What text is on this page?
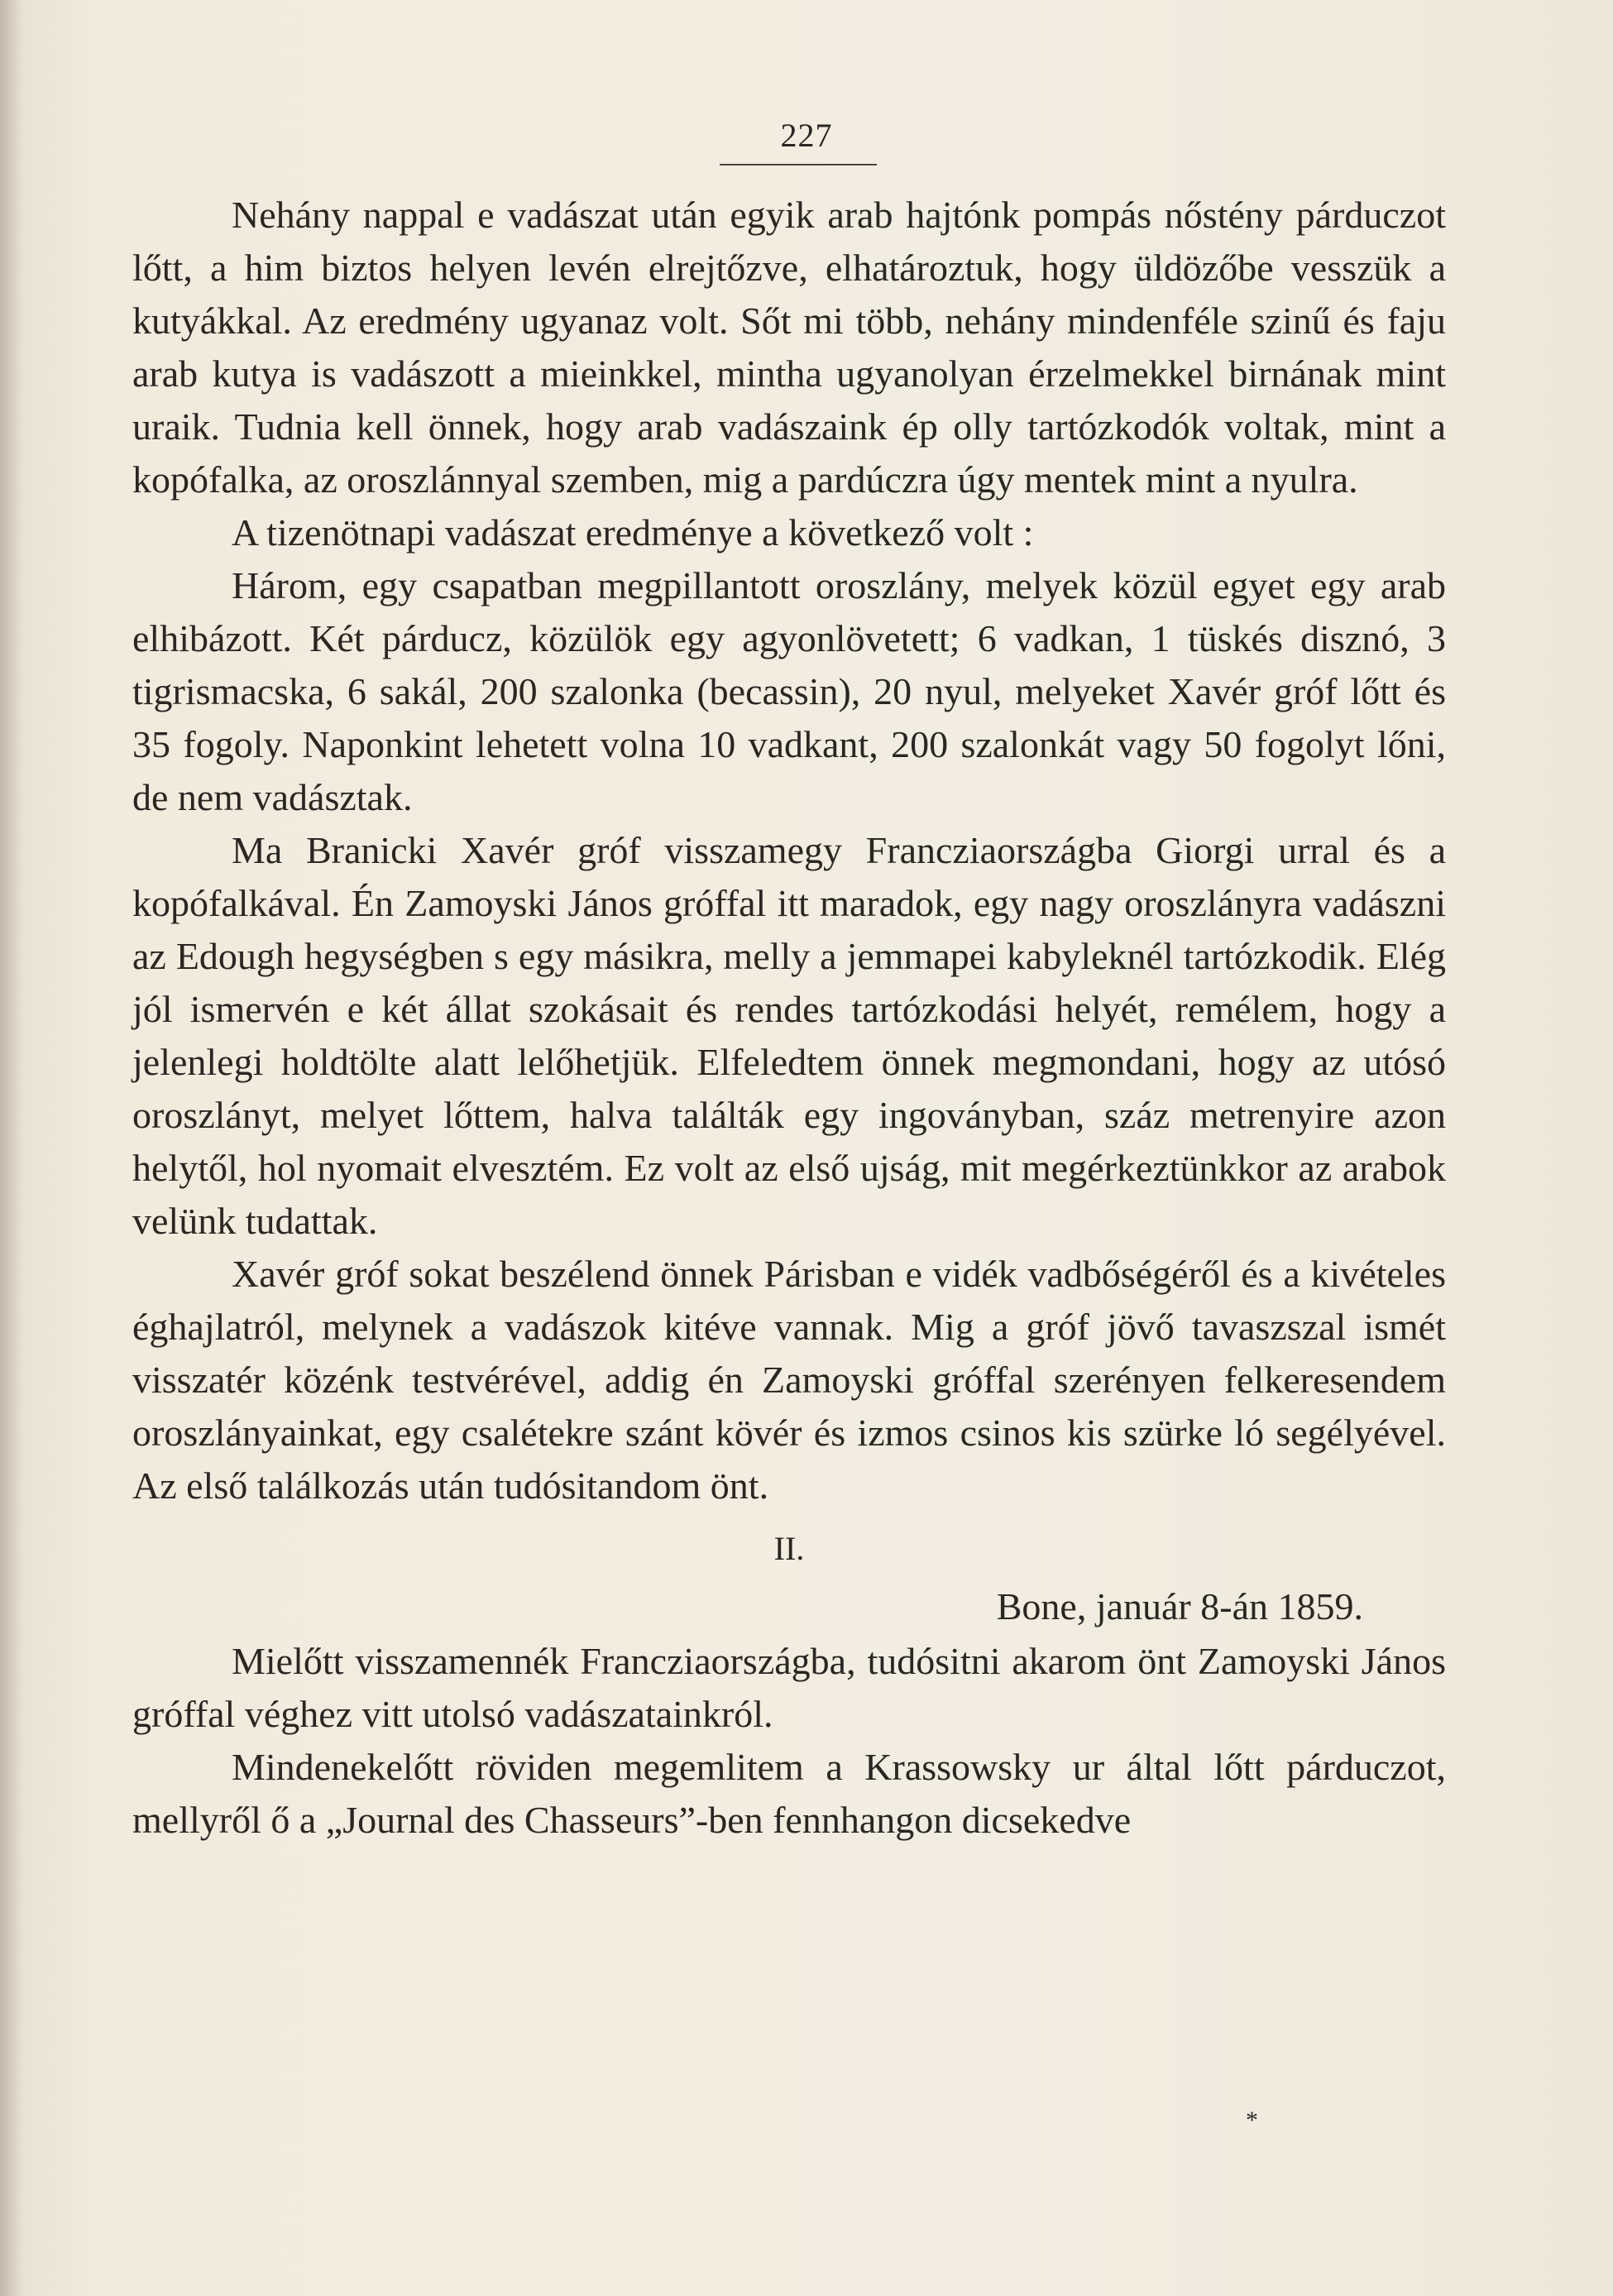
227

Nehány nappal e vadászat után egyik arab hajtónk pompás nőstény párduczot lőtt, a him biztos helyen levén elrejtőzve, elhatároztuk, hogy üldözőbe vesszük a kutyákkal. Az eredmény ugyanaz volt. Sőt mi több, nehány mindenféle szinű és faju arab kutya is vadászott a mieinkkel, mintha ugyanolyan érzelmekkel birnának mint uraik. Tudnia kell önnek, hogy arab vadászaink ép olly tartózkodók voltak, mint a kopófalka, az oroszlánnyal szemben, mig a pardúczra úgy mentek mint a nyulra.

A tizenötnapi vadászat eredménye a következő volt :

Három, egy csapatban megpillantott oroszlány, melyek közül egyet egy arab elhibázott. Két párducz, közülök egy agyonlövetett; 6 vadkan, 1 tüskés disznó, 3 tigrismacska, 6 sakál, 200 szalonka (becassin), 20 nyul, melyeket Xavér gróf lőtt és 35 fogoly. Naponkint lehetett volna 10 vadkant, 200 szalonkát vagy 50 fogolyt lőni, de nem vadásztak.

Ma Branicki Xavér gróf visszamegy Francziaországba Giorgi urral és a kopófalkával. Én Zamoyski János gróffal itt maradok, egy nagy oroszlányra vadászni az Edough hegységben s egy másikra, melly a jemmapei kabyleknél tartózkodik. Elég jól ismervén e két állat szokásait és rendes tartózkodási helyét, remélem, hogy a jelenlegi holdtölte alatt lelőhetjük. Elfeledtem önnek megmondani, hogy az utósó oroszlányt, melyet lőttem, halva találták egy ingoványban, száz metrenyire azon helytől, hol nyomait elvesztém. Ez volt az első ujság, mit megérkeztünkkor az arabok velünk tudattak.

Xavér gróf sokat beszélend önnek Párisban e vidék vadbőségéről és a kivételes éghajlatról, melynek a vadászok kitéve vannak. Mig a gróf jövő tavaszszal ismét visszatér közénk testvérével, addig én Zamoyski gróffal szerényen felkeresendem oroszlányainkat, egy csalétekre szánt kövér és izmos csinos kis szürke ló segélyével. Az első találkozás után tudósitandom önt.

II.

Bone, január 8-án 1859.

Mielőtt visszamennék Francziaországba, tudósitni akarom önt Zamoyski János gróffal véghez vitt utolsó vadászatainkról.

Mindenekelőtt röviden megemlitem a Krassowsky ur által lőtt párduczot, mellyről ő a „Journal des Chasseurs”-ben fennhangon dicsekedve

*
